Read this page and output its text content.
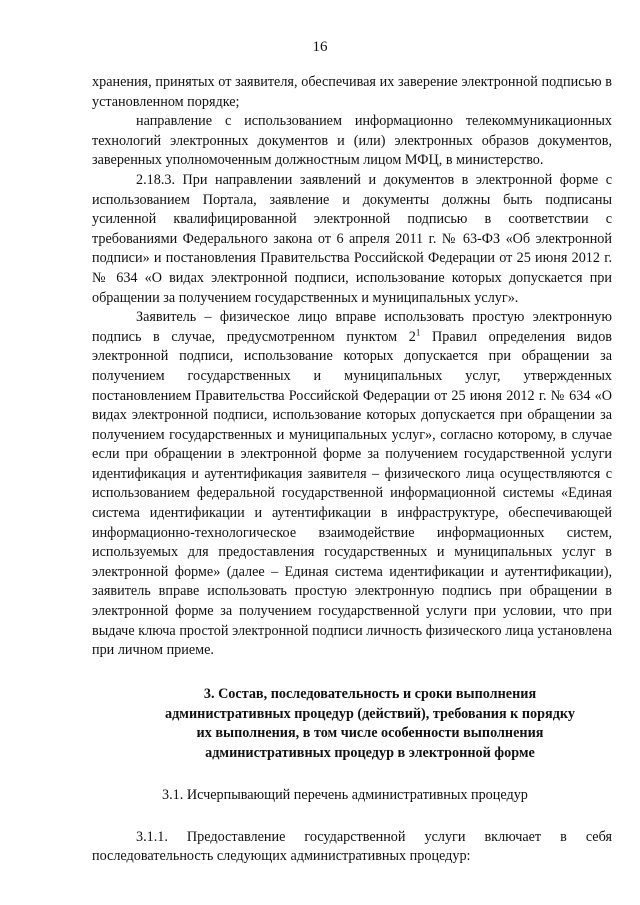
16

хранения, принятых от заявителя, обеспечивая их заверение электронной подписью в установленном порядке;

направление с использованием информационно телекоммуникационных технологий электронных документов и (или) электронных образов документов, заверенных уполномоченным должностным лицом МФЦ, в министерство.

2.18.3. При направлении заявлений и документов в электронной форме с использованием Портала, заявление и документы должны быть подписаны усиленной квалифицированной электронной подписью в соответствии с требованиями Федерального закона от 6 апреля 2011 г. № 63-ФЗ «Об электронной подписи» и постановления Правительства Российской Федерации от 25 июня 2012 г. № 634 «О видах электронной подписи, использование которых допускается при обращении за получением государственных и муниципальных услуг».

Заявитель – физическое лицо вправе использовать простую электронную подпись в случае, предусмотренном пунктом $2^1$ Правил определения видов электронной подписи, использование которых допускается при обращении за получением государственных и муниципальных услуг, утвержденных постановлением Правительства Российской Федерации от 25 июня 2012 г. № 634 «О видах электронной подписи, использование которых допускается при обращении за получением государственных и муниципальных услуг», согласно которому, в случае если при обращении в электронной форме за получением государственной услуги идентификация и аутентификация заявителя – физического лица осуществляются с использованием федеральной государственной информационной системы «Единая система идентификации и аутентификации в инфраструктуре, обеспечивающей информационно-технологическое взаимодействие информационных систем, используемых для предоставления государственных и муниципальных услуг в электронной форме» (далее – Единая система идентификации и аутентификации), заявитель вправе использовать простую электронную подпись при обращении в электронной форме за получением государственной услуги при условии, что при выдаче ключа простой электронной подписи личность физического лица установлена при личном приеме.

3. Состав, последовательность и сроки выполнения
административных процедур (действий), требования к порядку
их выполнения, в том числе особенности выполнения
административных процедур в электронной форме

3.1. Исчерпывающий перечень административных процедур

3.1.1. Предоставление государственной услуги включает в себя последовательность следующих административных процедур:
